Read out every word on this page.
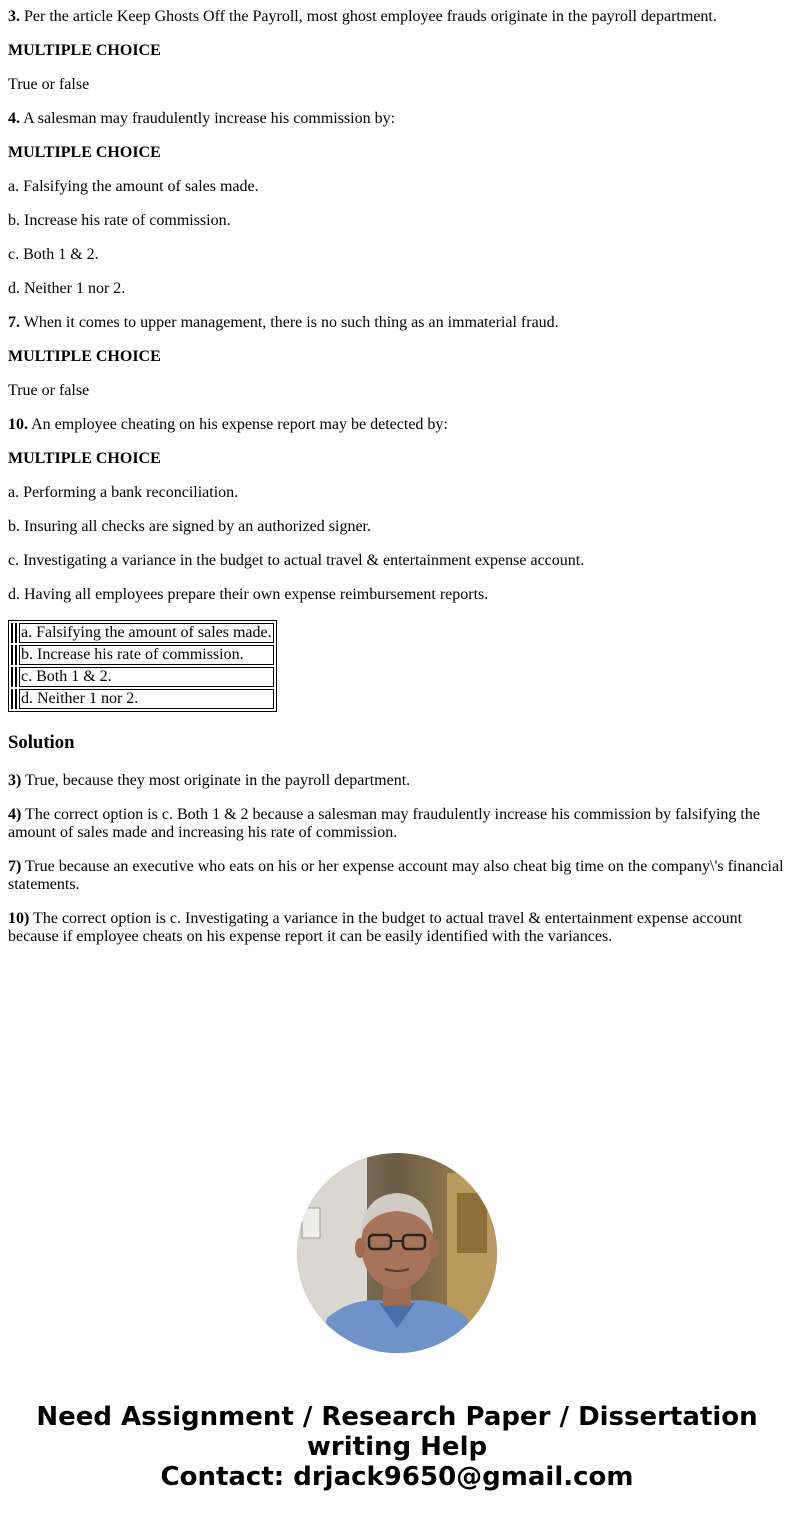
3. Per the article Keep Ghosts Off the Payroll, most ghost employee frauds originate in the payroll department.

MULTIPLE CHOICE

True or false

4. A salesman may fraudulently increase his commission by:

MULTIPLE CHOICE

a. Falsifying the amount of sales made.

b. Increase his rate of commission.

c. Both 1 & 2.

d. Neither 1 nor 2.

7. When it comes to upper management, there is no such thing as an immaterial fraud.

MULTIPLE CHOICE

True or false

10. An employee cheating on his expense report may be detected by:

MULTIPLE CHOICE

a. Performing a bank reconciliation.

b. Insuring all checks are signed by an authorized signer.

c. Investigating a variance in the budget to actual travel & entertainment expense account.

d. Having all employees prepare their own expense reimbursement reports.

		a. Falsifying the amount of sales made.
		b. Increase his rate of commission.
		c. Both 1 & 2.
		d. Neither 1 nor 2.
Solution

3) True, because they most originate in the payroll department.

4) The correct option is c. Both 1 & 2 because a salesman may fraudulently increase his commission by falsifying the amount of sales made and increasing his rate of commission.

7) True because an executive who eats on his or her expense account may also cheat big time on the company\'s financial statements.

10) The correct option is c. Investigating a variance in the budget to actual travel & entertainment expense account because if employee cheats on his expense report it can be easily identified with the variances.

Need Assignment / Research Paper / Dissertation
writing Help
Contact: drjack9650@gmail.com
